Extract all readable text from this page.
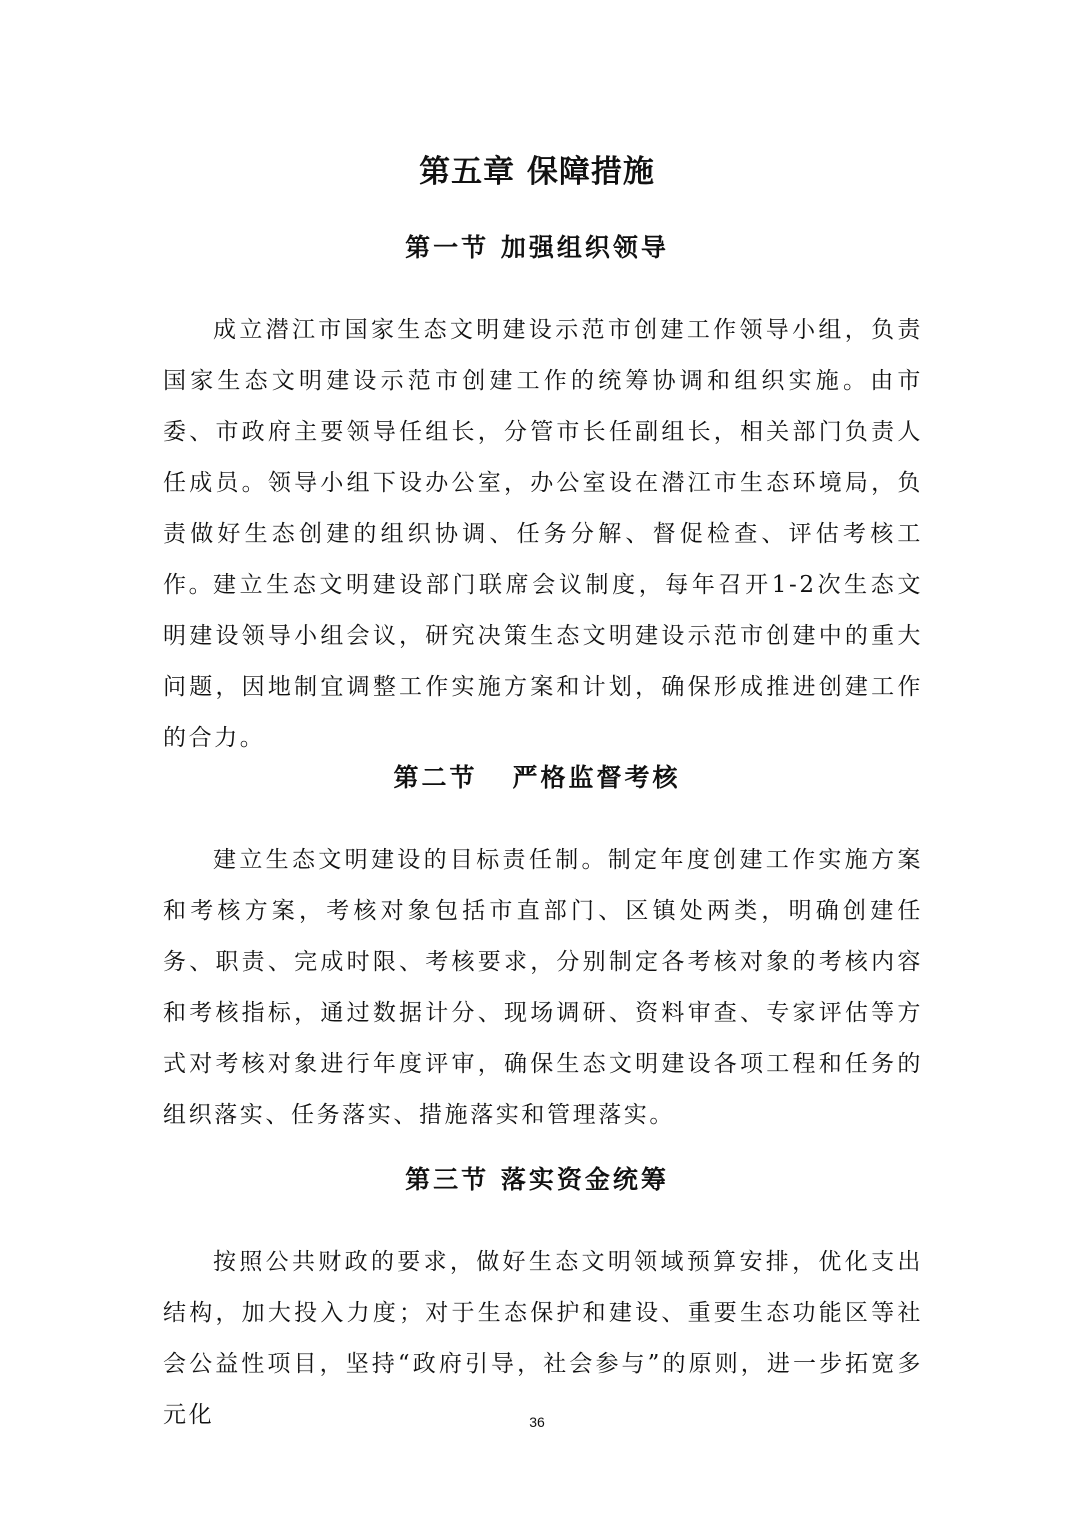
第五章 保障措施
第一节 加强组织领导

成立潜江市国家生态文明建设示范市创建工作领导小组，负责国家生态文明建设示范市创建工作的统筹协调和组织实施。由市委、市政府主要领导任组长，分管市长任副组长，相关部门负责人任成员。领导小组下设办公室，办公室设在潜江市生态环境局，负责做好生态创建的组织协调、任务分解、督促检查、评估考核工作。

建立生态文明建设部门联席会议制度，每年召开1-2次生态文明建设领导小组会议，研究决策生态文明建设示范市创建中的重大问题，因地制宜调整工作实施方案和计划，确保形成推进创建工作的合力。

第二节   严格监督考核

建立生态文明建设的目标责任制。制定年度创建工作实施方案和考核方案，考核对象包括市直部门、区镇处两类，明确创建任务、职责、完成时限、考核要求，分别制定各考核对象的考核内容和考核指标，通过数据计分、现场调研、资料审查、专家评估等方式对考核对象进行年度评审，确保生态文明建设各项工程和任务的组织落实、任务落实、措施落实和管理落实。

第三节 落实资金统筹

按照公共财政的要求，做好生态文明领域预算安排，优化支出结构，加大投入力度；对于生态保护和建设、重要生态功能区等社会公益性项目，坚持“政府引导，社会参与”的原则，进一步拓宽多元化	36
